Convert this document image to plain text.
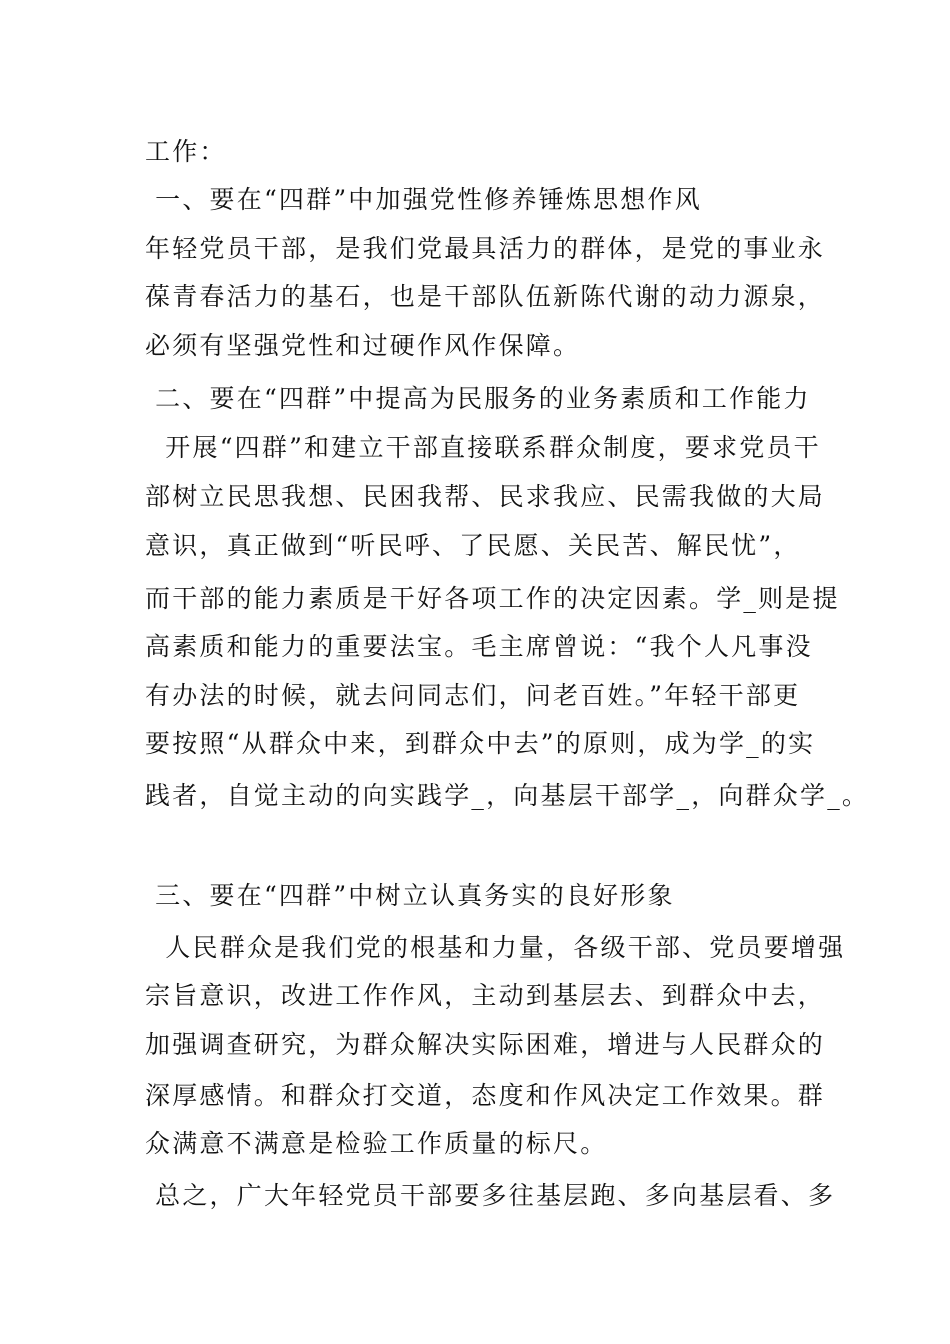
工作：
一、要在“四群”中加强党性修养锤炼思想作风
年轻党员干部，是我们党最具活力的群体，是党的事业永
葆青春活力的基石，也是干部队伍新陈代谢的动力源泉，
必须有坚强党性和过硬作风作保障。
二、要在“四群”中提高为民服务的业务素质和工作能力
开展“四群”和建立干部直接联系群众制度，要求党员干
部树立民思我想、民困我帮、民求我应、民需我做的大局
意识，真正做到“听民呼、了民愿、关民苦、解民忧”，
而干部的能力素质是干好各项工作的决定因素。学_则是提
高素质和能力的重要法宝。毛主席曾说：“我个人凡事没
有办法的时候，就去问同志们，问老百姓。”年轻干部更
要按照“从群众中来，到群众中去”的原则，成为学_的实
践者，自觉主动的向实践学_，向基层干部学_，向群众学_。
三、要在“四群”中树立认真务实的良好形象
人民群众是我们党的根基和力量，各级干部、党员要增强
宗旨意识，改进工作作风，主动到基层去、到群众中去，
加强调查研究，为群众解决实际困难，增进与人民群众的
深厚感情。和群众打交道，态度和作风决定工作效果。群
众满意不满意是检验工作质量的标尺。
总之，广大年轻党员干部要多往基层跑、多向基层看、多
